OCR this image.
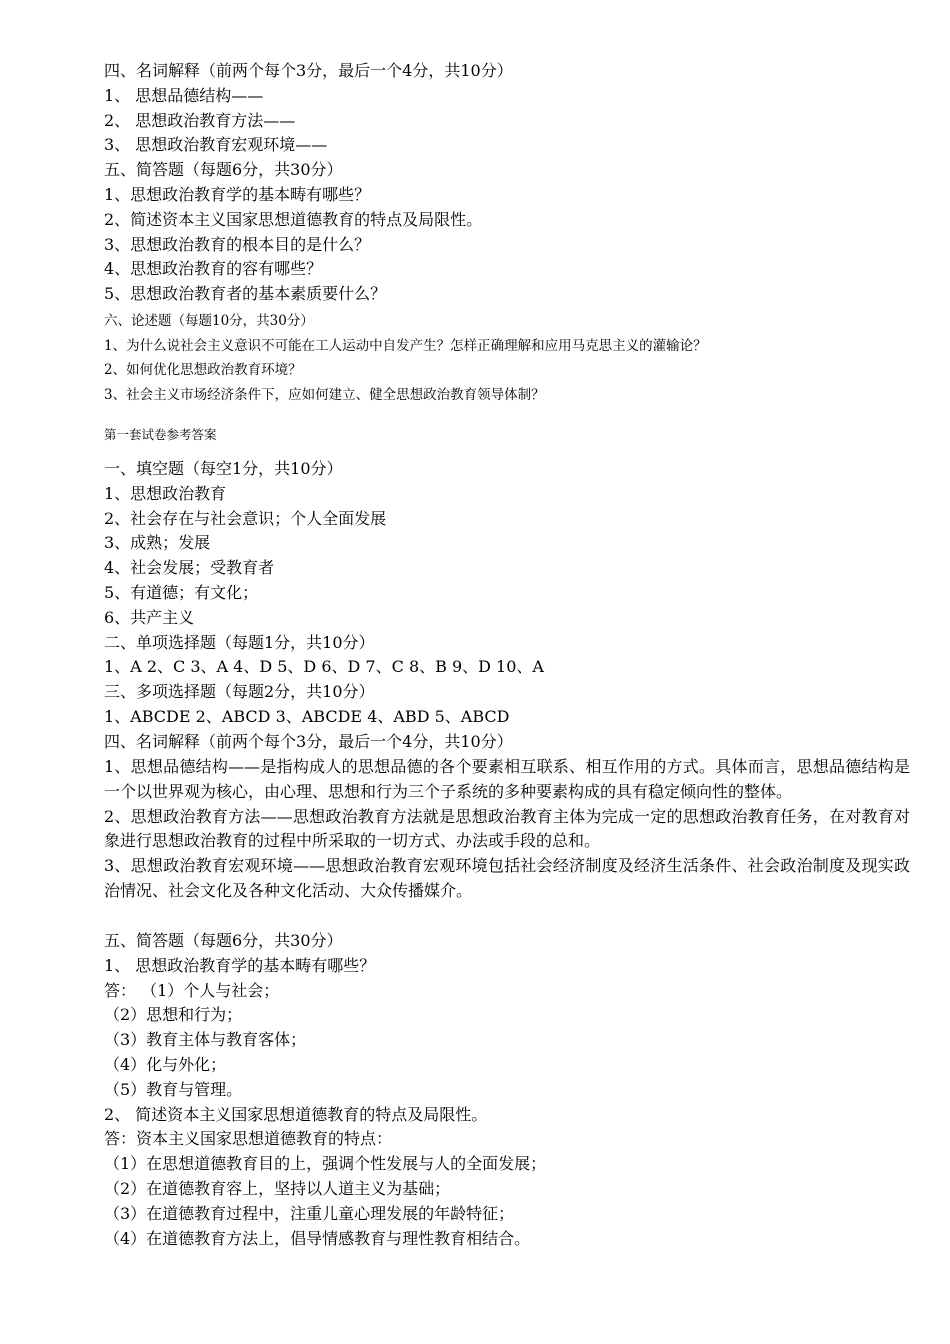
四、名词解释（前两个每个3分，最后一个4分，共10分）
1、 思想品德结构——
2、 思想政治教育方法——
3、 思想政治教育宏观环境——
五、简答题（每题6分，共30分）
1、思想政治教育学的基本畴有哪些？
2、简述资本主义国家思想道德教育的特点及局限性。
3、思想政治教育的根本目的是什么？
4、思想政治教育的容有哪些？
5、思想政治教育者的基本素质要什么？
六、论述题（每题10分，共30分）
1、为什么说社会主义意识不可能在工人运动中自发产生？怎样正确理解和应用马克思主义的灌输论？
2、如何优化思想政治教育环境？
3、社会主义市场经济条件下，应如何建立、健全思想政治教育领导体制？
第一套试卷参考答案
一、填空题（每空1分，共10分）
1、思想政治教育
2、社会存在与社会意识；个人全面发展
3、成熟；发展
4、社会发展；受教育者
5、有道德；有文化；
6、共产主义
二、单项选择题（每题1分，共10分）
1、A 2、C 3、A 4、D 5、D 6、D 7、C 8、B 9、D 10、A
三、多项选择题（每题2分，共10分）
1、ABCDE 2、ABCD 3、ABCDE 4、ABD 5、ABCD
四、名词解释（前两个每个3分，最后一个4分，共10分）
1、思想品德结构——是指构成人的思想品德的各个要素相互联系、相互作用的方式。具体而言，思想品德结构是一个以世界观为核心，由心理、思想和行为三个子系统的多种要素构成的具有稳定倾向性的整体。
2、思想政治教育方法——思想政治教育方法就是思想政治教育主体为完成一定的思想政治教育任务，在对教育对象进行思想政治教育的过程中所采取的一切方式、办法或手段的总和。
3、思想政治教育宏观环境——思想政治教育宏观环境包括社会经济制度及经济生活条件、社会政治制度及现实政治情况、社会文化及各种文化活动、大众传播媒介。
五、简答题（每题6分，共30分）
1、 思想政治教育学的基本畴有哪些？
答： （1）个人与社会；
（2）思想和行为；
（3）教育主体与教育客体；
（4）化与外化；
（5）教育与管理。
2、 简述资本主义国家思想道德教育的特点及局限性。
答：资本主义国家思想道德教育的特点：
（1）在思想道德教育目的上，强调个性发展与人的全面发展；
（2）在道德教育容上，坚持以人道主义为基础；
（3）在道德教育过程中，注重儿童心理发展的年龄特征；
（4）在道德教育方法上，倡导情感教育与理性教育相结合。
